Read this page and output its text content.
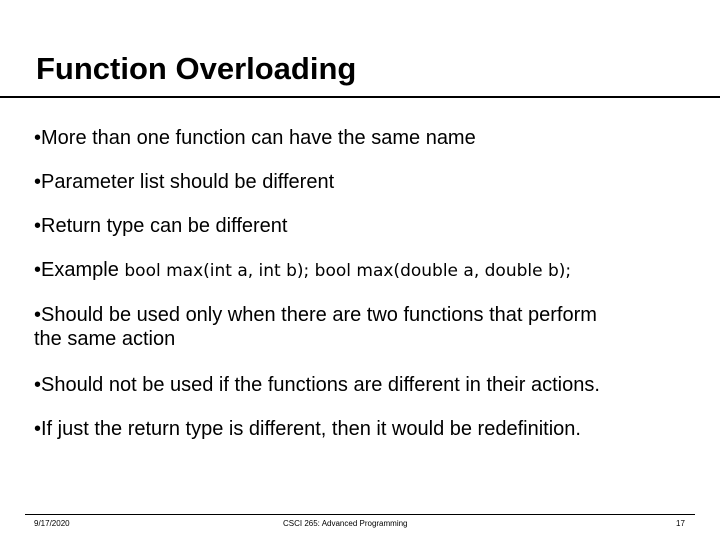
Function Overloading
•More than one function can have the same name
•Parameter list should be different
•Return type can be different
•Example bool max(int a, int b); bool max(double a, double b);
•Should be used only when there are two functions that perform
the same action
•Should not be used if the functions are different in their actions.
•If just the return type is different, then it would be redefinition.
9/17/2020	CSCI 265: Advanced Programming	17
